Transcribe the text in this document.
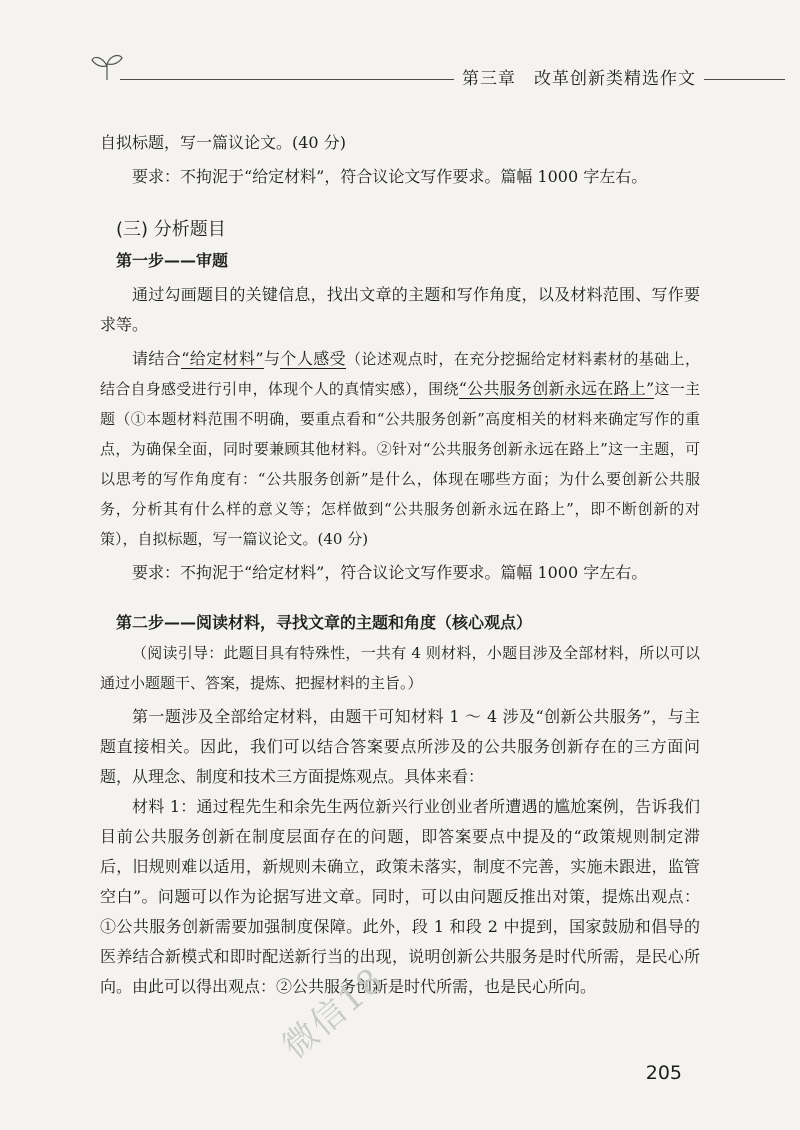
第三章　改革创新类精选作文

自拟标题，写一篇议论文。(40 分)

要求：不拘泥于“给定材料”，符合议论文写作要求。篇幅 1000 字左右。

(三) 分析题目
第一步——审题

通过勾画题目的关键信息，找出文章的主题和写作角度，以及材料范围、写作要求等。

请结合“给定材料”与个人感受（论述观点时，在充分挖掘给定材料素材的基础上，结合自身感受进行引申，体现个人的真情实感），围绕“公共服务创新永远在路上”这一主题（①本题材料范围不明确，要重点看和“公共服务创新”高度相关的材料来确定写作的重点，为确保全面，同时要兼顾其他材料。②针对“公共服务创新永远在路上”这一主题，可以思考的写作角度有：“公共服务创新”是什么，体现在哪些方面；为什么要创新公共服务，分析其有什么样的意义等；怎样做到“公共服务创新永远在路上”，即不断创新的对策），自拟标题，写一篇议论文。(40 分)

要求：不拘泥于“给定材料”，符合议论文写作要求。篇幅 1000 字左右。

第二步——阅读材料，寻找文章的主题和角度（核心观点）

（阅读引导：此题目具有特殊性，一共有 4 则材料，小题目涉及全部材料，所以可以通过小题题干、答案，提炼、把握材料的主旨。）

第一题涉及全部给定材料，由题干可知材料 1 ～ 4 涉及“创新公共服务”，与主题直接相关。因此，我们可以结合答案要点所涉及的公共服务创新存在的三方面问题，从理念、制度和技术三方面提炼观点。具体来看：

材料 1：通过程先生和余先生两位新兴行业创业者所遭遇的尴尬案例，告诉我们目前公共服务创新在制度层面存在的问题，即答案要点中提及的“政策规则制定滞后，旧规则难以适用，新规则未确立，政策未落实，制度不完善，实施未跟进，监管空白”。问题可以作为论据写进文章。同时，可以由问题反推出对策，提炼出观点：①公共服务创新需要加强制度保障。此外，段 1 和段 2 中提到，国家鼓励和倡导的医养结合新模式和即时配送新行当的出现，说明创新公共服务是时代所需，是民心所向。由此可以得出观点：②公共服务创新是时代所需，也是民心所向。

微信18
205
